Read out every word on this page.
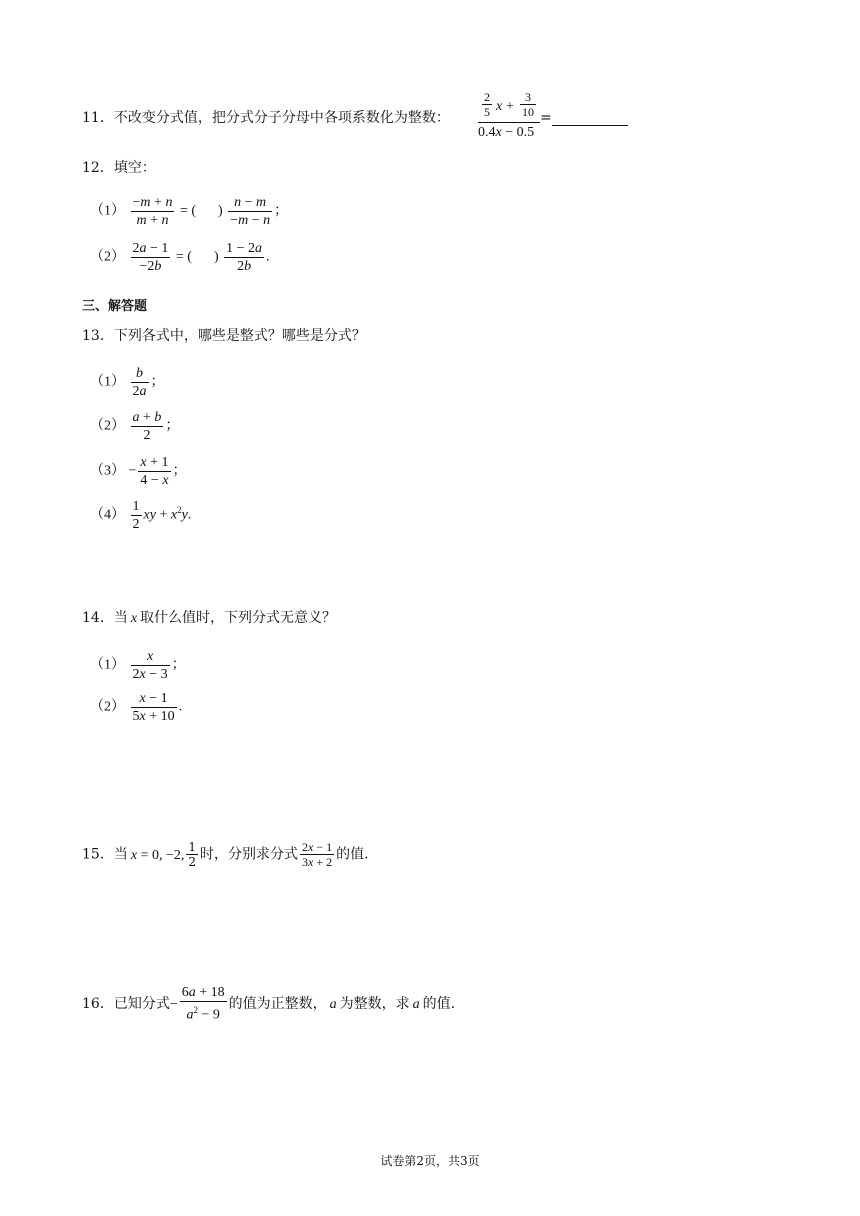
11．不改变分式值，把分式分子分母中各项系数化为整数：	$\frac{2}{5}$ $x + \frac{3}{10}$
0.4x − 0.5
=
12．填空：
$(1) \frac{-m + n}{m + n}$ = ( ) $\frac{n - m}{-m - n}$ ；
$(2) \frac{2a - 1}{-2b}$ = ( ) $\frac{1 - 2a}{2b}$ .
三、解答题
13．下列各式中，哪些是整式？哪些是分式？
$(1) \frac{b}{2a}$ ；
$(2) \frac{a + b}{2}$ ；
$(3) - \frac{x + 1}{4 - x}$ ；
$(4) \frac{1}{2}$ xy + $x^2y$.
14．当 x 取什么值时，下列分式无意义？
$(1) \frac{x}{2x - 3}$ ；
$(2) \frac{x - 1}{5x + 10}$ .
15．当 x = 0, −2, $\frac{1}{2}$ 时，分别求分式 $\frac{2x - 1}{3x + 2}$ 的值.
16．已知分式− $\frac{6a + 18}{a^2 - 9}$ 的值为正整数， a 为整数，求 a 的值.
试卷第2页，共3页
